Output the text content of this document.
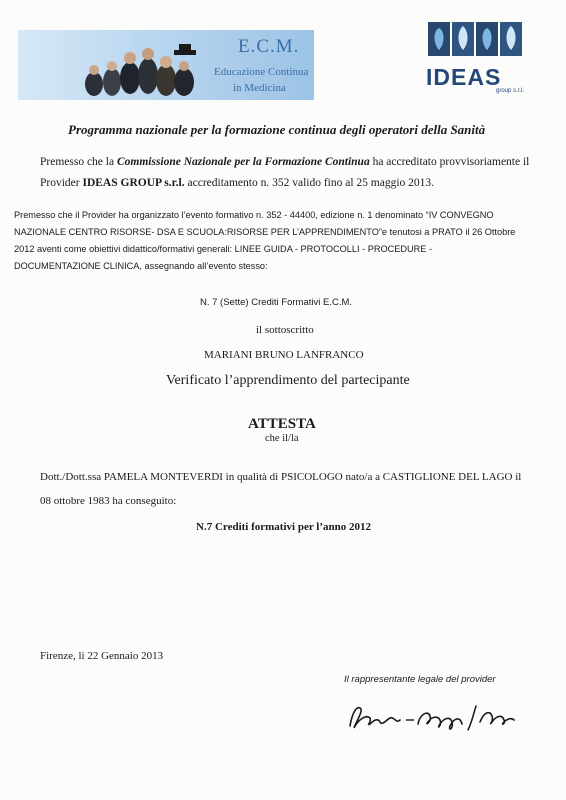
E.C.M.
Educazione Continua
in Medicina	IDEAS
group s.r.l.
Programma nazionale per la formazione continua degli operatori della Sanità
Premesso che la Commissione Nazionale per la Formazione Continua ha accreditato provvisoriamente il
Provider IDEAS GROUP s.r.l. accreditamento n. 352 valido fino al 25 maggio 2013.
Premesso che il Provider ha organizzato l’evento formativo n. 352 - 44400, edizione n. 1 denominato “IV CONVEGNO
NAZIONALE CENTRO RISORSE- DSA E SCUOLA:RISORSE PER L’APPRENDIMENTO”e tenutosi a PRATO il 26 Ottobre
2012 aventi come obiettivi didattico/formativi generali: LINEE GUIDA - PROTOCOLLI - PROCEDURE -
DOCUMENTAZIONE CLINICA, assegnando all’evento stesso:
N. 7 (Sette) Crediti Formativi E.C.M.
il sottoscritto
MARIANI BRUNO LANFRANCO
Verificato l’apprendimento del partecipante
ATTESTA
che il/la
Dott./Dott.ssa PAMELA MONTEVERDI in qualità di PSICOLOGO nato/a a CASTIGLIONE DEL LAGO il
08 ottobre 1983 ha conseguito:
N.7 Crediti formativi per l’anno 2012
Firenze, li 22 Gennaio 2013
Il rappresentante legale del provider
